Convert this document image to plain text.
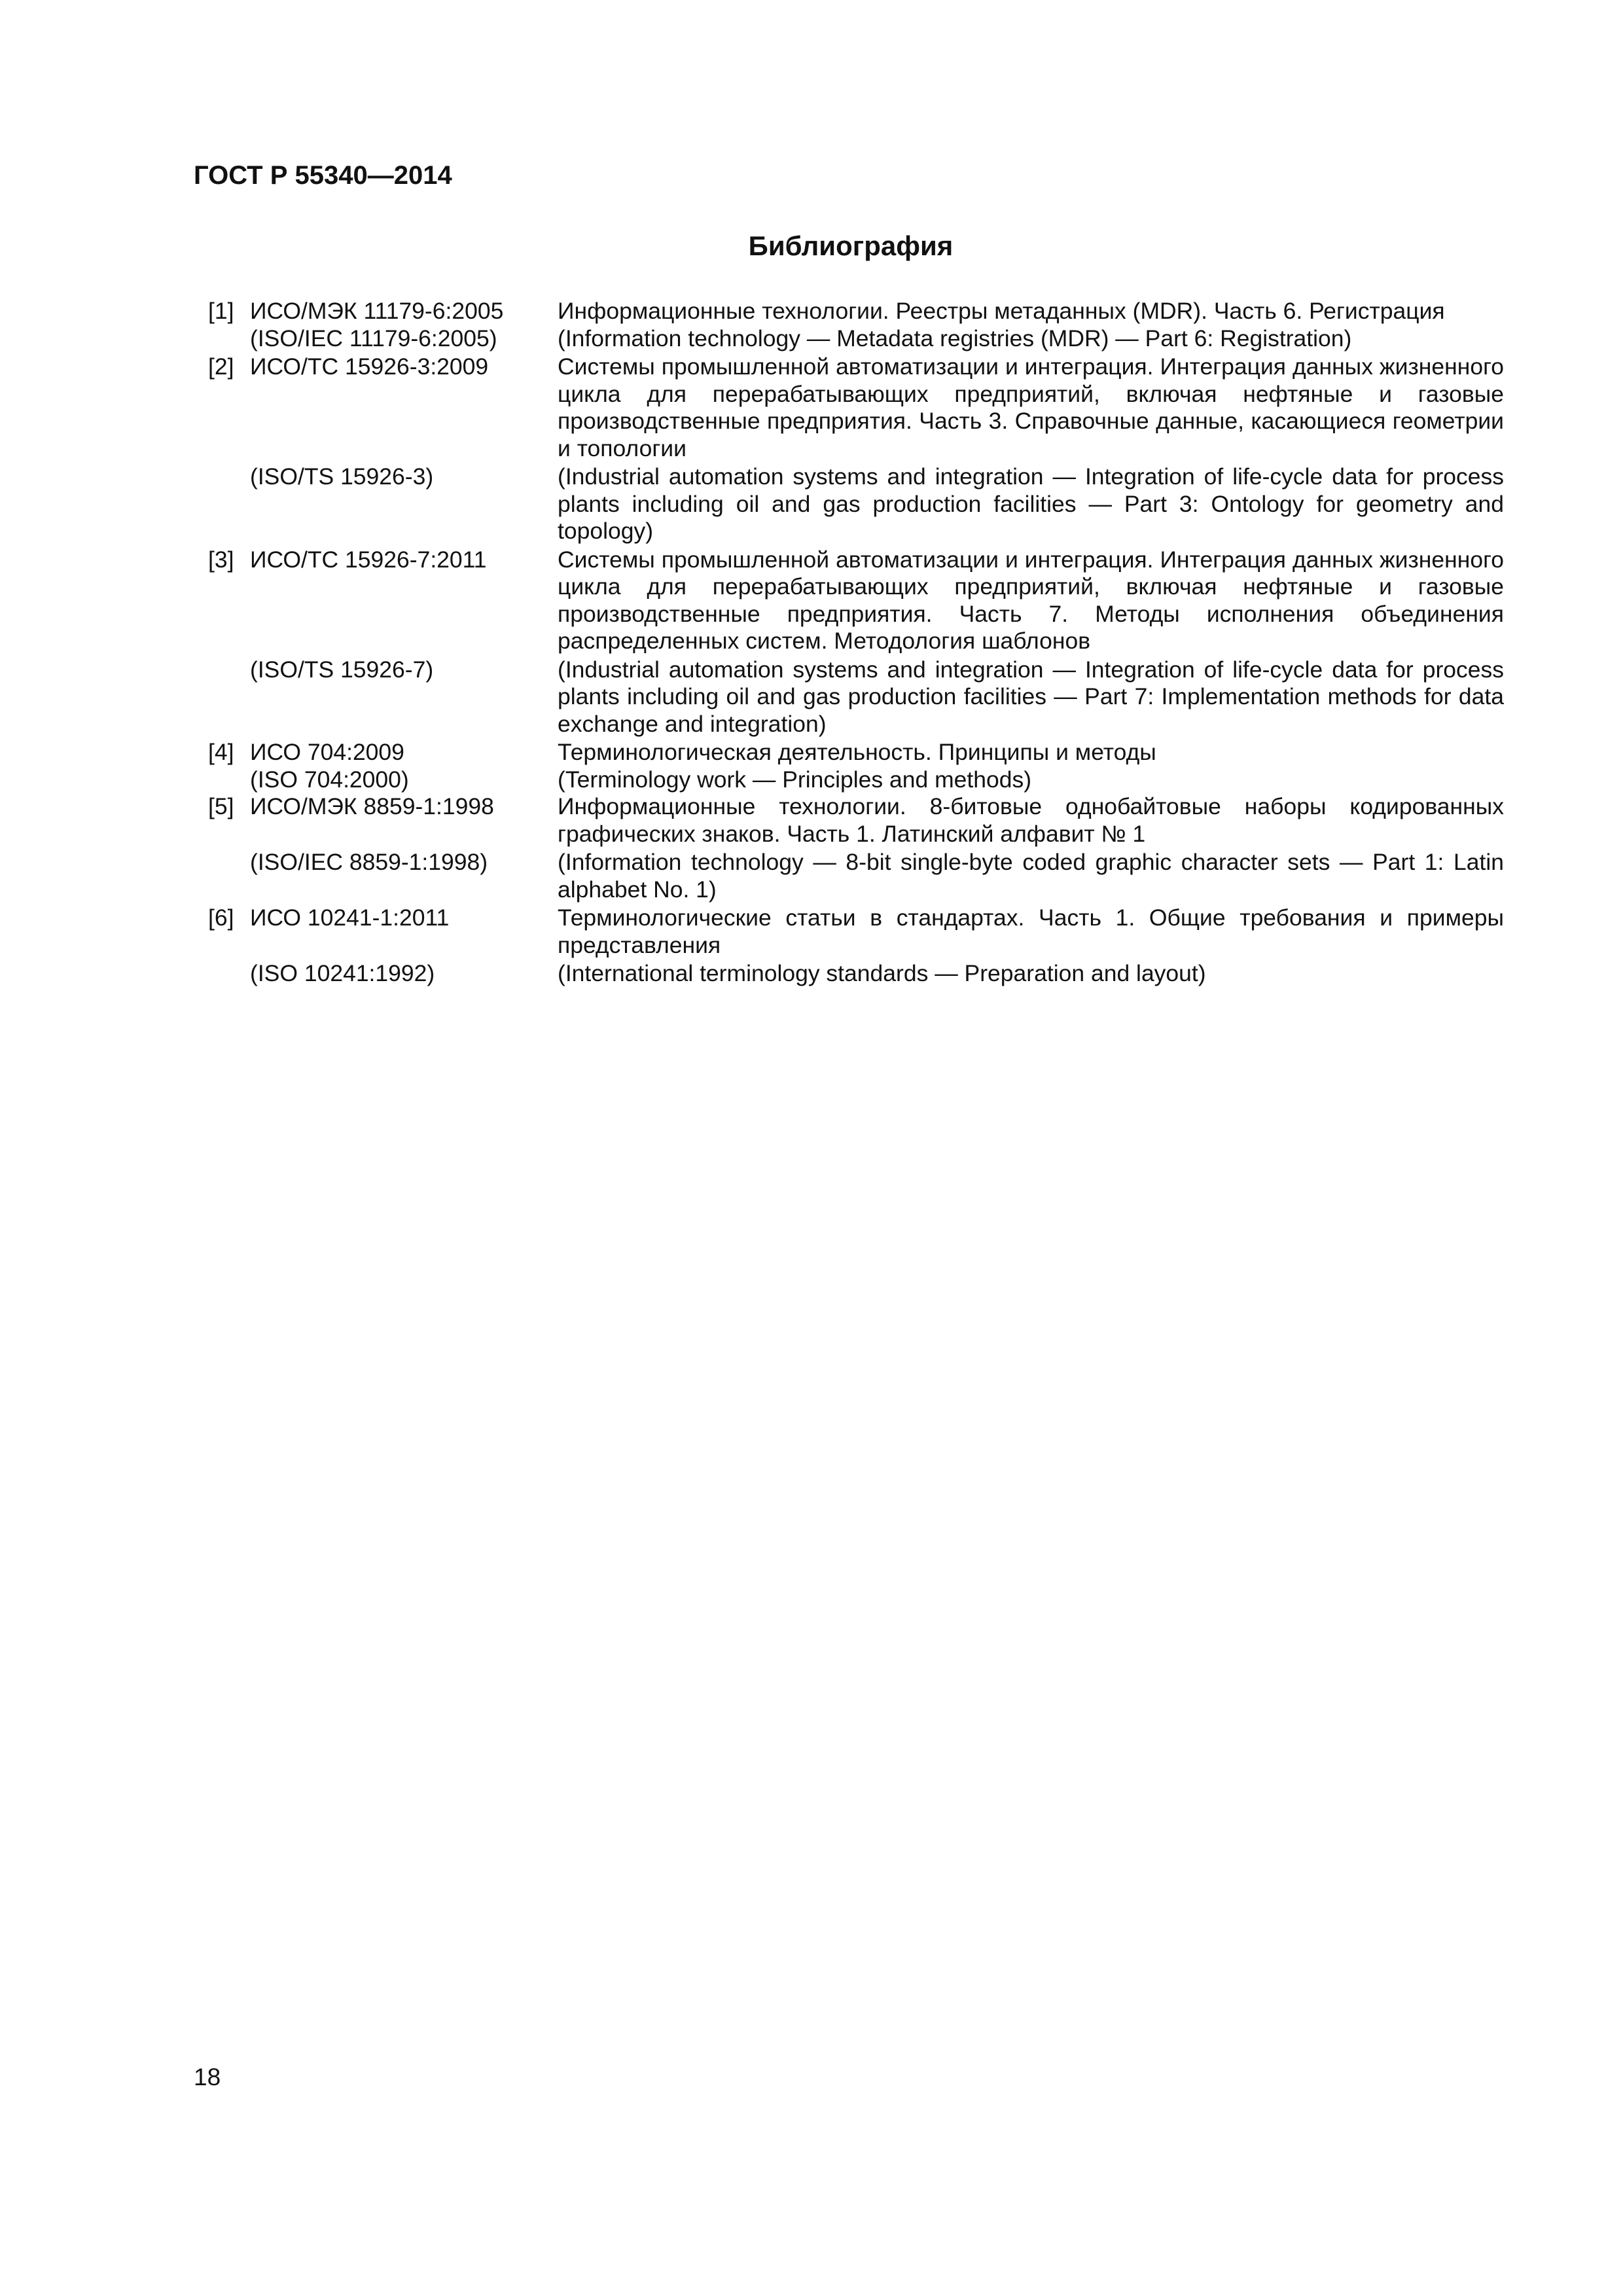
ГОСТ Р 55340—2014
Библиография
[1] ИСО/МЭК 11179-6:2005	Информационные технологии. Реестры метаданных (MDR). Часть 6. Регистрация
(ISO/IEC 11179-6:2005)	(Information technology — Metadata registries (MDR) — Part 6: Registration)
[2] ИСО/ТС 15926-3:2009	Системы промышленной автоматизации и интеграция. Интеграция данных жизненного цикла для перерабатывающих предприятий, включая нефтяные и газовые производственные предприятия. Часть 3. Справочные данные, касающиеся геометрии и топологии
(ISO/TS 15926-3)	(Industrial automation systems and integration — Integration of life-cycle data for process plants including oil and gas production facilities — Part 3: Ontology for geometry and topology)
[3] ИСО/ТС 15926-7:2011	Системы промышленной автоматизации и интеграция. Интеграция данных жизненного цикла для перерабатывающих предприятий, включая нефтяные и газовые производственные предприятия. Часть 7. Методы исполнения объединения распределенных систем. Методология шаблонов
(ISO/TS 15926-7)	(Industrial automation systems and integration — Integration of life-cycle data for process plants including oil and gas production facilities — Part 7: Implementation methods for data exchange and integration)
[4] ИСО 704:2009	Терминологическая деятельность. Принципы и методы
(ISO 704:2000)	(Terminology work — Principles and methods)
[5] ИСО/МЭК 8859-1:1998	Информационные технологии. 8-битовые однобайтовые наборы кодированных графических знаков. Часть 1. Латинский алфавит № 1
(ISO/IEC 8859-1:1998)	(Information technology — 8-bit single-byte coded graphic character sets — Part 1: Latin alphabet No. 1)
[6] ИСО 10241-1:2011	Терминологические статьи в стандартах. Часть 1. Общие требования и примеры представления
(ISO 10241:1992)	(International terminology standards — Preparation and layout)

18
